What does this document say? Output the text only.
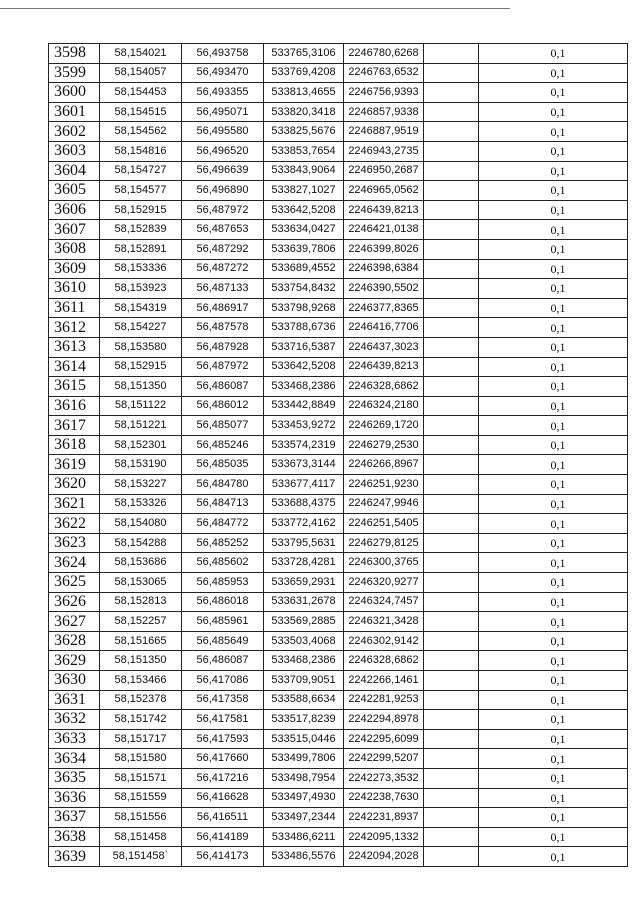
3598	58,154021	56,493758	533765,3106	2246780,6268		0,1
3599	58,154057	56,493470	533769,4208	2246763,6532		0,1
3600	58,154453	56,493355	533813,4655	2246756,9393		0,1
3601	58,154515	56,495071	533820,3418	2246857,9338		0,1
3602	58,154562	56,495580	533825,5676	2246887,9519		0,1
3603	58,154816	56,496520	533853,7654	2246943,2735		0,1
3604	58,154727	56,496639	533843,9064	2246950,2687		0,1
3605	58,154577	56,496890	533827,1027	2246965,0562		0,1
3606	58,152915	56,487972	533642,5208	2246439,8213		0,1
3607	58,152839	56,487653	533634,0427	2246421,0138		0,1
3608	58,152891	56,487292	533639,7806	2246399,8026		0,1
3609	58,153336	56,487272	533689,4552	2246398,6384		0,1
3610	58,153923	56,487133	533754,8432	2246390,5502		0,1
3611	58,154319	56,486917	533798,9268	2246377,8365		0,1
3612	58,154227	56,487578	533788,6736	2246416,7706		0,1
3613	58,153580	56,487928	533716,5387	2246437,3023		0,1
3614	58,152915	56,487972	533642,5208	2246439,8213		0,1
3615	58,151350	56,486087	533468,2386	2246328,6862		0,1
3616	58,151122	56,486012	533442,8849	2246324,2180		0,1
3617	58,151221	56,485077	533453,9272	2246269,1720		0,1
3618	58,152301	56,485246	533574,2319	2246279,2530		0,1
3619	58,153190	56,485035	533673,3144	2246266,8967		0,1
3620	58,153227	56,484780	533677,4117	2246251,9230		0,1
3621	58,153326	56,484713	533688,4375	2246247,9946		0,1
3622	58,154080	56,484772	533772,4162	2246251,5405		0,1
3623	58,154288	56,485252	533795,5631	2246279,8125		0,1
3624	58,153686	56,485602	533728,4281	2246300,3765		0,1
3625	58,153065	56,485953	533659,2931	2246320,9277		0,1
3626	58,152813	56,486018	533631,2678	2246324,7457		0,1
3627	58,152257	56,485961	533569,2885	2246321,3428		0,1
3628	58,151665	56,485649	533503,4068	2246302,9142		0,1
3629	58,151350	56,486087	533468,2386	2246328,6862		0,1
3630	58,153466	56,417086	533709,9051	2242266,1461		0,1
3631	58,152378	56,417358	533588,6634	2242281,9253		0,1
3632	58,151742	56,417581	533517,8239	2242294,8978		0,1
3633	58,151717	56,417593	533515,0446	2242295,6099		0,1
3634	58,151580	56,417660	533499,7806	2242299,5207		0,1
3635	58,151571	56,417216	533498,7954	2242273,3532		0,1
3636	58,151559	56,416628	533497,4930	2242238,7630		0,1
3637	58,151556	56,416511	533497,2344	2242231,8937		0,1
3638	58,151458	56,414189	533486,6211	2242095,1332		0,1
3639	58,151458`	56,414173	533486,5576	2242094,2028		0,1
